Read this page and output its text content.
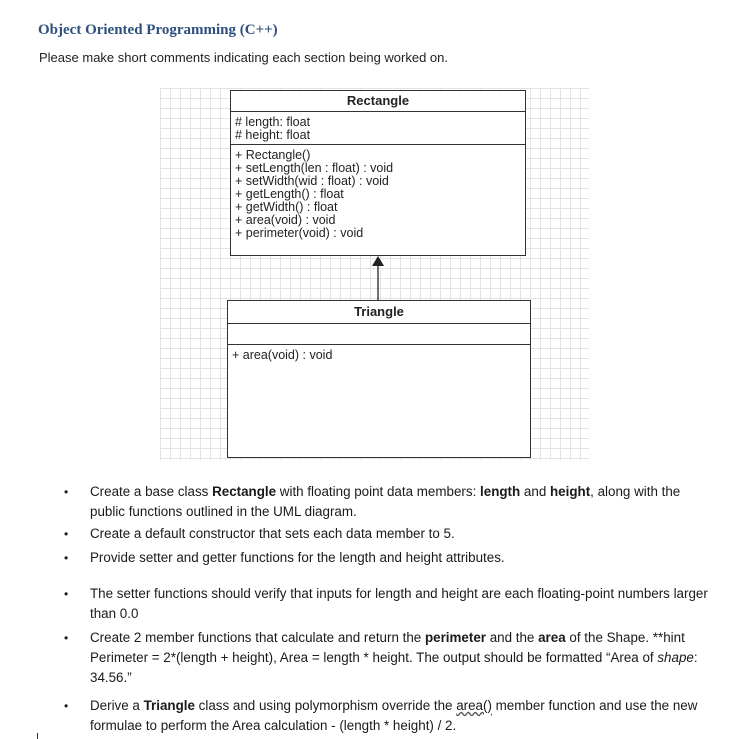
Object Oriented Programming (C++)
Please make short comments indicating each section being worked on.
Rectangle
# length: float
# height: float
+ Rectangle()
+ setLength(len : float) : void
+ setWidth(wid : float) : void
+ getLength() : float
+ getWidth() : float
+ area(void) : void
+ perimeter(void) : void
Triangle
+ area(void) : void
• Create a base class Rectangle with floating point data members: length and height, along with the public functions outlined in the UML diagram.
• Create a default constructor that sets each data member to 5.
• Provide setter and getter functions for the length and height attributes.
• The setter functions should verify that inputs for length and height are each floating-point numbers larger than 0.0
• Create 2 member functions that calculate and return the perimeter and the area of the Shape. **hint Perimeter = 2*(length + height), Area = length * height. The output should be formatted “Area of shape: 34.56.”
• Derive a Triangle class and using polymorphism override the area() member function and use the new formulae to perform the Area calculation - (length * height) / 2.
